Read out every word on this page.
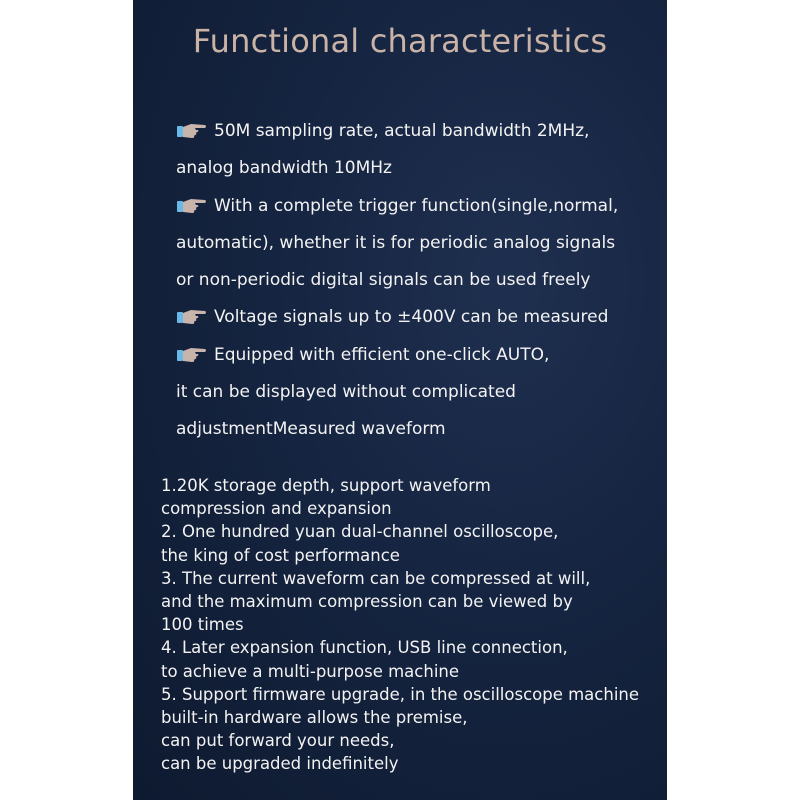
Functional characteristics
50M sampling rate, actual bandwidth 2MHz,
analog bandwidth 10MHz
With a complete trigger function(single,normal,
automatic), whether it is for periodic analog signals
or non-periodic digital signals can be used freely
Voltage signals up to ±400V can be measured
Equipped with efficient one-click AUTO,
it can be displayed without complicated
adjustmentMeasured waveform
1.20K storage depth, support waveform
compression and expansion
2. One hundred yuan dual-channel oscilloscope,
the king of cost performance
3. The current waveform can be compressed at will,
and the maximum compression can be viewed by
100 times
4. Later expansion function, USB line connection,
to achieve a multi-purpose machine
5. Support firmware upgrade, in the oscilloscope machine
built-in hardware allows the premise,
can put forward your needs,
can be upgraded indefinitely
